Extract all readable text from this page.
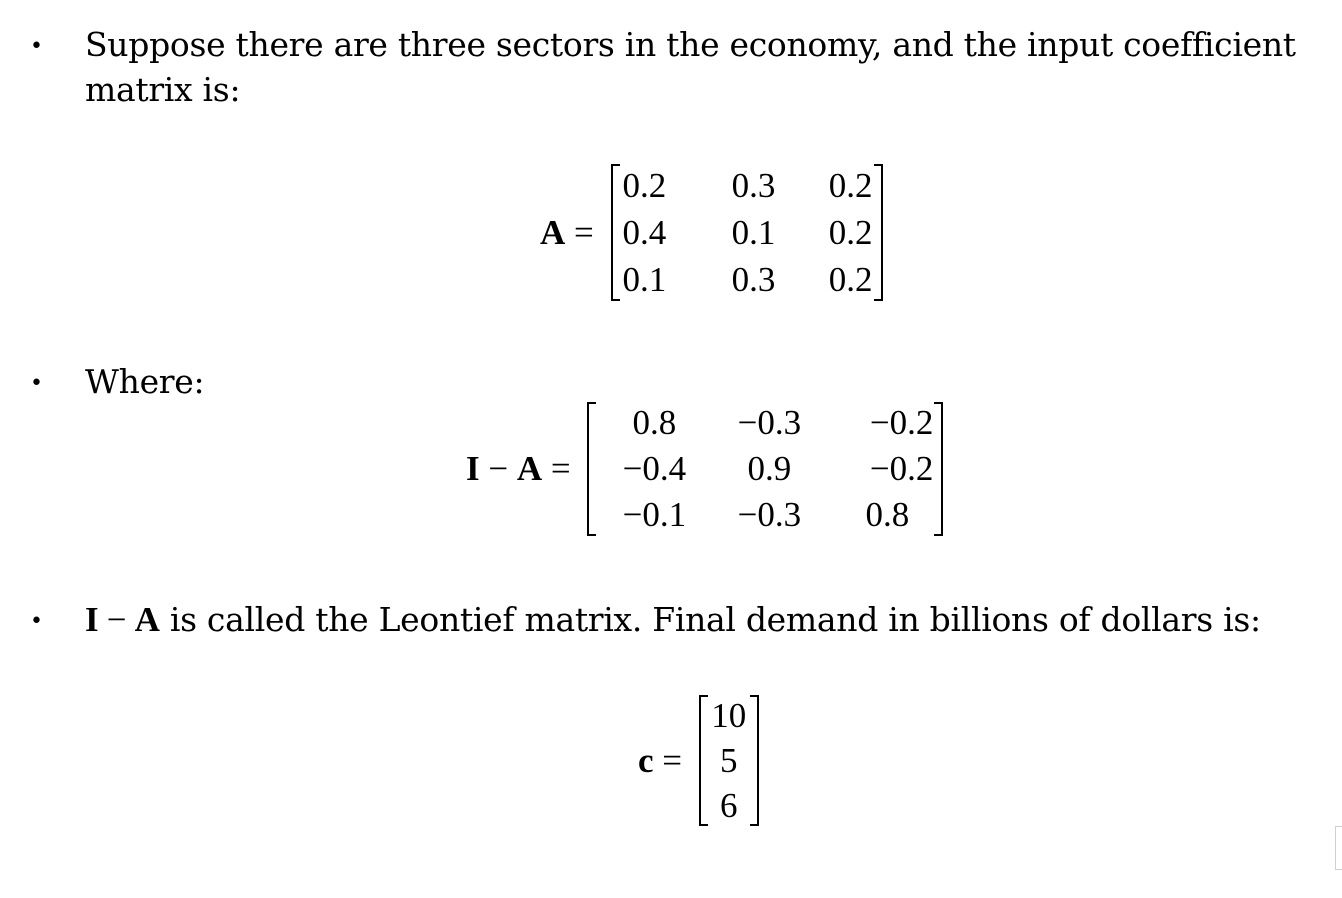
• Suppose there are three sectors in the economy, and the input coefficient
matrix is:
A =
0.2	0.3	0.2
0.4	0.1	0.2
0.1	0.3	0.2
• Where:
I − A =
0.8	−0.3	−0.2
−0.4	0.9	−0.2
−0.1	−0.3	0.8
• I − A is called the Leontief matrix. Final demand in billions of dollars is:
c =
10
5
6
